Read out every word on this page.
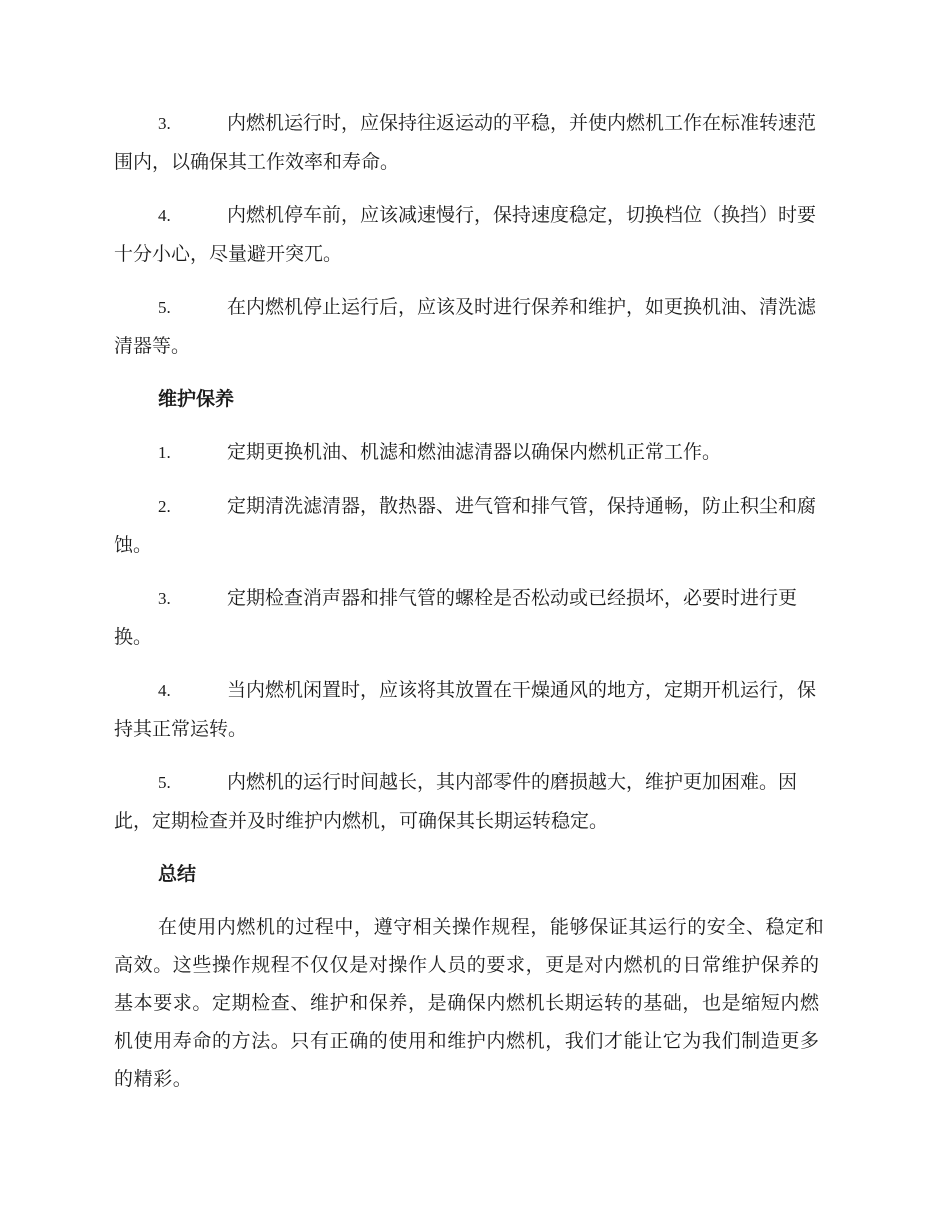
3.	内燃机运行时，应保持往返运动的平稳，并使内燃机工作在标准转速范围内，以确保其工作效率和寿命。
4.	内燃机停车前，应该减速慢行，保持速度稳定，切换档位（换挡）时要十分小心，尽量避开突兀。
5.	在内燃机停止运行后，应该及时进行保养和维护，如更换机油、清洗滤清器等。
维护保养
1.	定期更换机油、机滤和燃油滤清器以确保内燃机正常工作。
2.	定期清洗滤清器，散热器、进气管和排气管，保持通畅，防止积尘和腐蚀。
3.	定期检查消声器和排气管的螺栓是否松动或已经损坏，必要时进行更换。
4.	当内燃机闲置时，应该将其放置在干燥通风的地方，定期开机运行，保持其正常运转。
5.	内燃机的运行时间越长，其内部零件的磨损越大，维护更加困难。因此，定期检查并及时维护内燃机，可确保其长期运转稳定。
总结

在使用内燃机的过程中，遵守相关操作规程，能够保证其运行的安全、稳定和高效。这些操作规程不仅仅是对操作人员的要求，更是对内燃机的日常维护保养的基本要求。定期检查、维护和保养，是确保内燃机长期运转的基础，也是缩短内燃机使用寿命的方法。只有正确的使用和维护内燃机，我们才能让它为我们制造更多的精彩。
